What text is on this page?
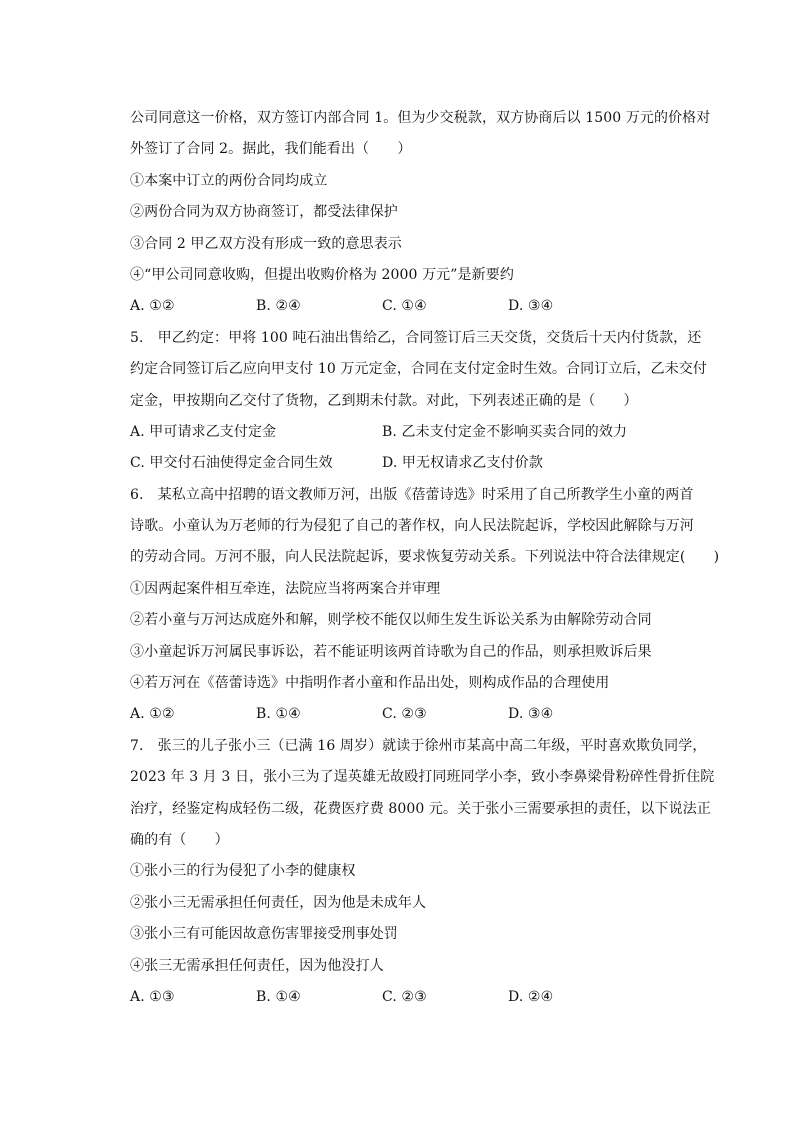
公司同意这一价格，双方签订内部合同 1。但为少交税款，双方协商后以 1500 万元的价格对
外签订了合同 2。据此，我们能看出（　　）
①本案中订立的两份合同均成立
②两份合同为双方协商签订，都受法律保护
③合同 2 甲乙双方没有形成一致的意思表示
④“甲公司同意收购，但提出收购价格为 2000 万元”是新要约
A. ①②	B. ②④	C. ①④	D. ③④
5.　甲乙约定：甲将 100 吨石油出售给乙，合同签订后三天交货，交货后十天内付货款，还
约定合同签订后乙应向甲支付 10 万元定金，合同在支付定金时生效。合同订立后，乙未交付
定金，甲按期向乙交付了货物，乙到期未付款。对此，下列表述正确的是（　　）
A. 甲可请求乙支付定金	B. 乙未支付定金不影响买卖合同的效力
C. 甲交付石油使得定金合同生效	D. 甲无权请求乙支付价款
6.　某私立高中招聘的语文教师万河，出版《蓓蕾诗选》时采用了自己所教学生小童的两首
诗歌。小童认为万老师的行为侵犯了自己的著作权，向人民法院起诉，学校因此解除与万河
的劳动合同。万河不服，向人民法院起诉，要求恢复劳动关系。下列说法中符合法律规定(　　)
①因两起案件相互牵连，法院应当将两案合并审理
②若小童与万河达成庭外和解，则学校不能仅以师生发生诉讼关系为由解除劳动合同
③小童起诉万河属民事诉讼，若不能证明该两首诗歌为自己的作品，则承担败诉后果
④若万河在《蓓蕾诗选》中指明作者小童和作品出处，则构成作品的合理使用
A. ①②	B. ①④	C. ②③	D. ③④
7.　张三的儿子张小三（已满 16 周岁）就读于徐州市某高中高二年级，平时喜欢欺负同学，
2023 年 3 月 3 日，张小三为了逞英雄无故殴打同班同学小李，致小李鼻梁骨粉碎性骨折住院
治疗，经鉴定构成轻伤二级，花费医疗费 8000 元。关于张小三需要承担的责任，以下说法正
确的有（　　）
①张小三的行为侵犯了小李的健康权
②张小三无需承担任何责任，因为他是未成年人
③张小三有可能因故意伤害罪接受刑事处罚
④张三无需承担任何责任，因为他没打人
A. ①③	B. ①④	C. ②③	D. ②④
